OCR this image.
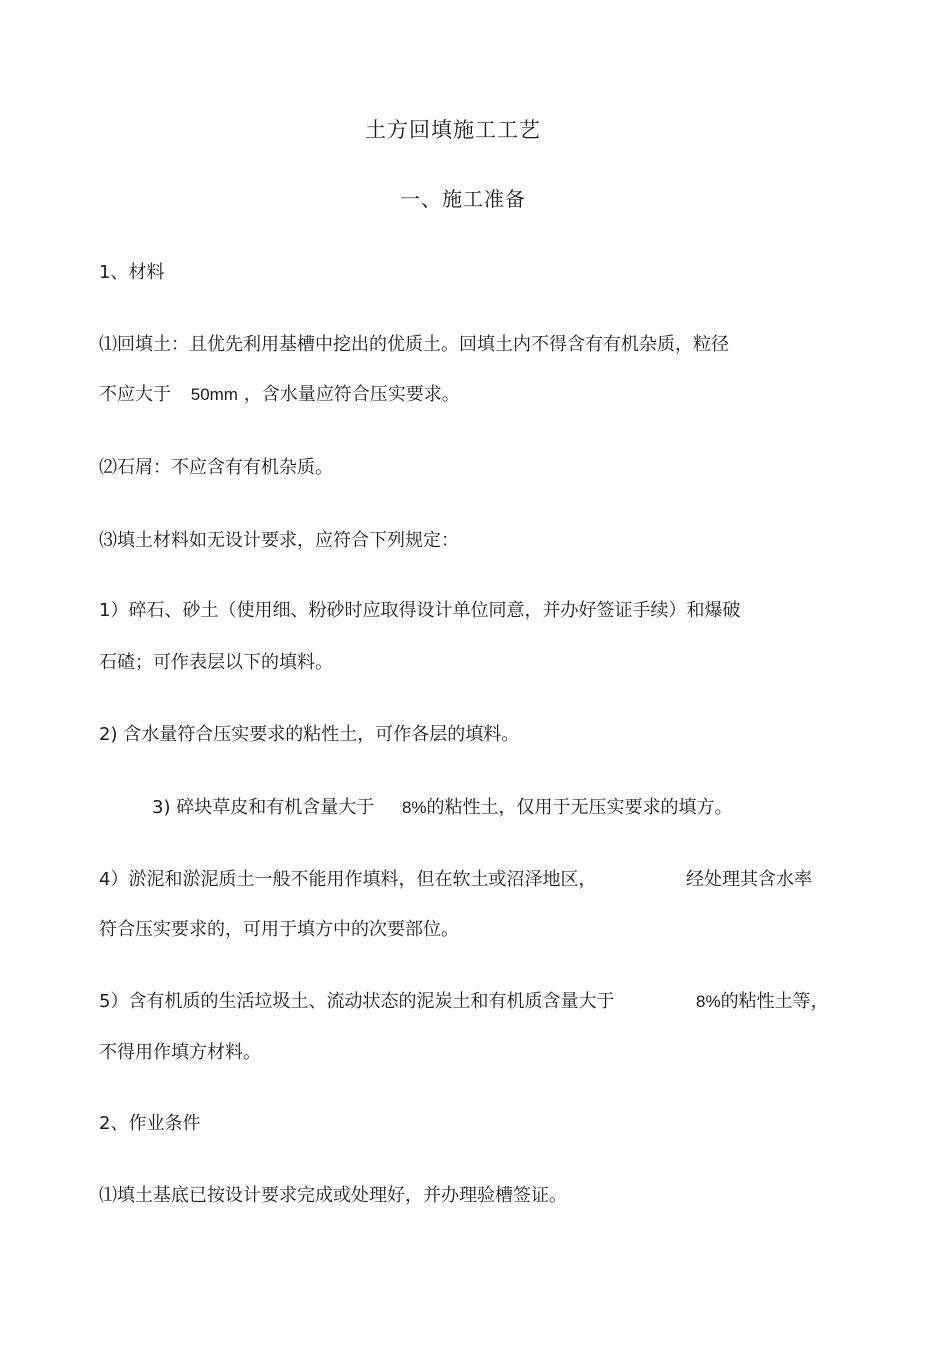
土方回填施工工艺
一、施工准备
1、材料
⑴回填土：且优先利用基槽中挖出的优质土。回填土内不得含有有机杂质，粒径
不应大于 50mm ，含水量应符合压实要求。
⑵石屑：不应含有有机杂质。
⑶填土材料如无设计要求，应符合下列规定：
1）碎石、砂土（使用细、粉砂时应取得设计单位同意，并办好签证手续）和爆破
石碴；可作表层以下的填料。
2) 含水量符合压实要求的粘性土，可作各层的填料。
3) 碎块草皮和有机含量大于 8%的粘性土，仅用于无压实要求的填方。
4）淤泥和淤泥质土一般不能用作填料，但在软土或沼泽地区，	经处理其含水率
符合压实要求的，可用于填方中的次要部位。
5）含有机质的生活垃圾土、流动状态的泥炭土和有机质含量大于	8%的粘性土等，
不得用作填方材料。
2、作业条件
⑴填土基底已按设计要求完成或处理好，并办理验槽签证。
